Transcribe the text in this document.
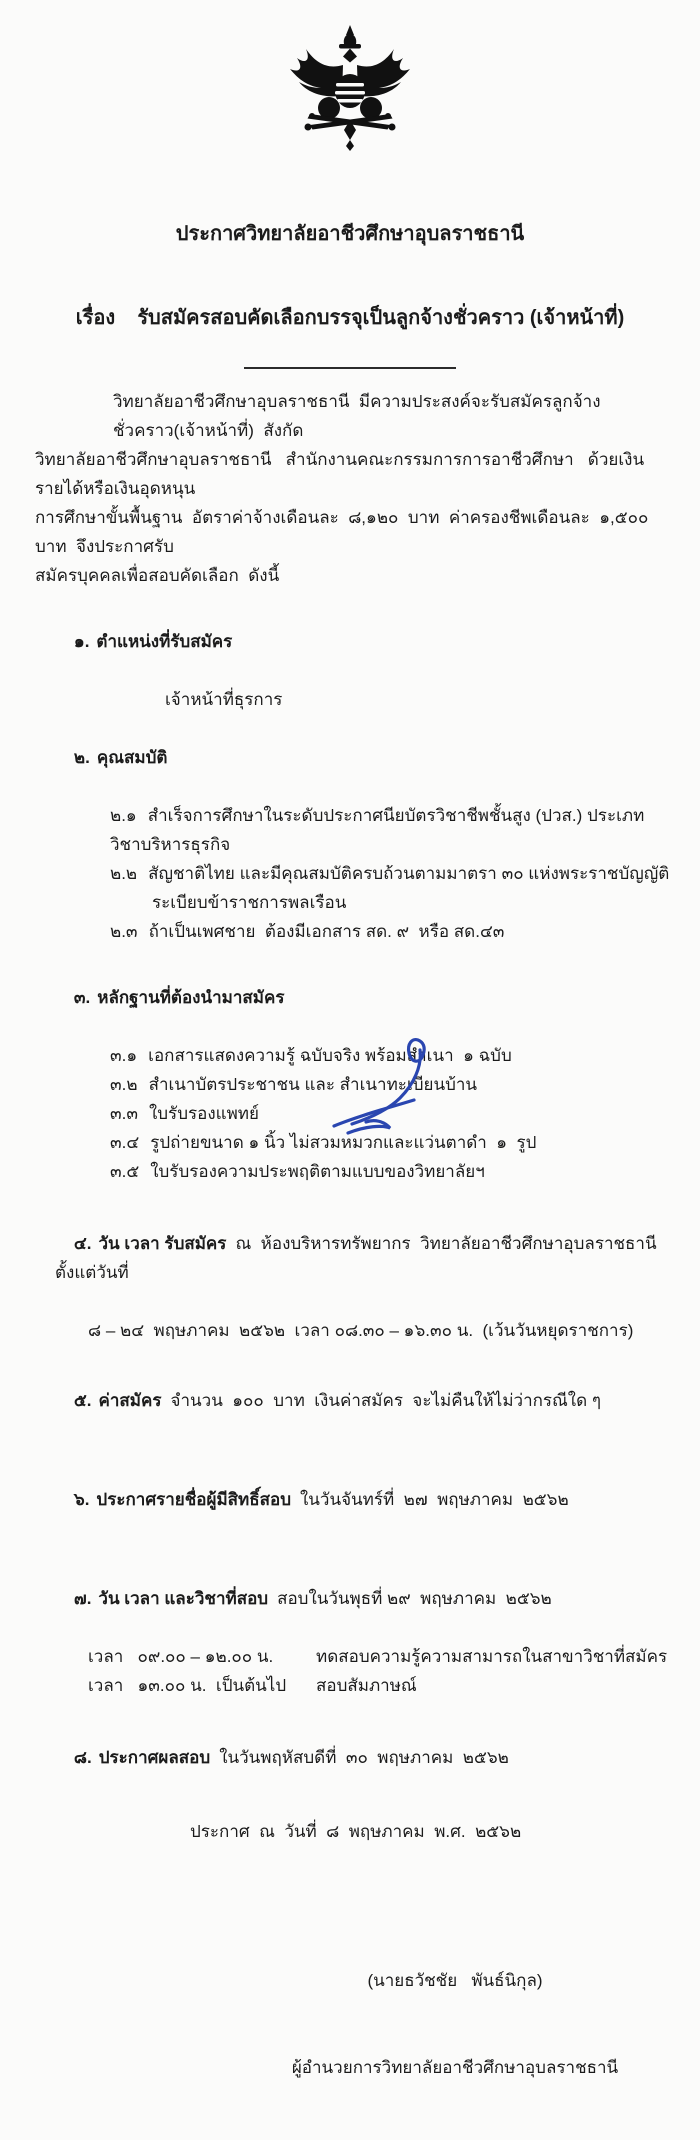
ประกาศวิทยาลัยอาชีวศึกษาอุบลราชธานี

เรื่อง    รับสมัครสอบคัดเลือกบรรจุเป็นลูกจ้างชั่วคราว (เจ้าหน้าที่)

วิทยาลัยอาชีวศึกษาอุบลราชธานี  มีความประสงค์จะรับสมัครลูกจ้างชั่วคราว(เจ้าหน้าที่)  สังกัด
วิทยาลัยอาชีวศึกษาอุบลราชธานี   สำนักงานคณะกรรมการการอาชีวศึกษา   ด้วยเงินรายได้หรือเงินอุดหนุน
การศึกษาขั้นพื้นฐาน  อัตราค่าจ้างเดือนละ  ๘,๑๒๐  บาท  ค่าครองชีพเดือนละ  ๑,๕๐๐  บาท  จึงประกาศรับ
สมัครบุคคลเพื่อสอบคัดเลือก  ดังนี้

๑. ตำแหน่งที่รับสมัคร

เจ้าหน้าที่ธุรการ

๒. คุณสมบัติ

๒.๑ สำเร็จการศึกษาในระดับประกาศนียบัตรวิชาชีพชั้นสูง (ปวส.) ประเภทวิชาบริหารธุรกิจ
๒.๒ สัญชาติไทย และมีคุณสมบัติครบถ้วนตามมาตรา ๓๐ แห่งพระราชบัญญัติ
ระเบียบข้าราชการพลเรือน
๒.๓ ถ้าเป็นเพศชาย  ต้องมีเอกสาร สด. ๙  หรือ สด.๔๓

๓. หลักฐานที่ต้องนำมาสมัคร

๓.๑ เอกสารแสดงความรู้ ฉบับจริง พร้อมสำเนา  ๑ ฉบับ
๓.๒ สำเนาบัตรประชาชน และ สำเนาทะเบียนบ้าน
๓.๓ ใบรับรองแพทย์
๓.๔ รูปถ่ายขนาด ๑ นิ้ว ไม่สวมหมวกและแว่นตาดำ  ๑  รูป
๓.๕ ใบรับรองความประพฤติตามแบบของวิทยาลัยฯ

๔. วัน เวลา รับสมัคร ณ  ห้องบริหารทรัพยากร  วิทยาลัยอาชีวศึกษาอุบลราชธานี  ตั้งแต่วันที่

๘ – ๒๔  พฤษภาคม  ๒๕๖๒  เวลา ๐๘.๓๐ – ๑๖.๓๐ น.  (เว้นวันหยุดราชการ)

๕. ค่าสมัคร จำนวน  ๑๐๐  บาท  เงินค่าสมัคร  จะไม่คืนให้ไม่ว่ากรณีใด ๆ

๖. ประกาศรายชื่อผู้มีสิทธิ์สอบ ในวันจันทร์ที่  ๒๗  พฤษภาคม  ๒๕๖๒

๗. วัน เวลา และวิชาที่สอบ สอบในวันพุธที่ ๒๙  พฤษภาคม  ๒๕๖๒

เวลา   ๐๙.๐๐ – ๑๒.๐๐ น.	ทดสอบความรู้ความสามารถในสาขาวิชาที่สมัคร
เวลา   ๑๓.๐๐ น.  เป็นต้นไป สอบสัมภาษณ์

๘. ประกาศผลสอบ ในวันพฤหัสบดีที่  ๓๐  พฤษภาคม  ๒๕๖๒

ประกาศ  ณ  วันที่  ๘  พฤษภาคม  พ.ศ.  ๒๕๖๒

(นายธวัชชัย   พันธ์นิกุล)

ผู้อำนวยการวิทยาลัยอาชีวศึกษาอุบลราชธานี
